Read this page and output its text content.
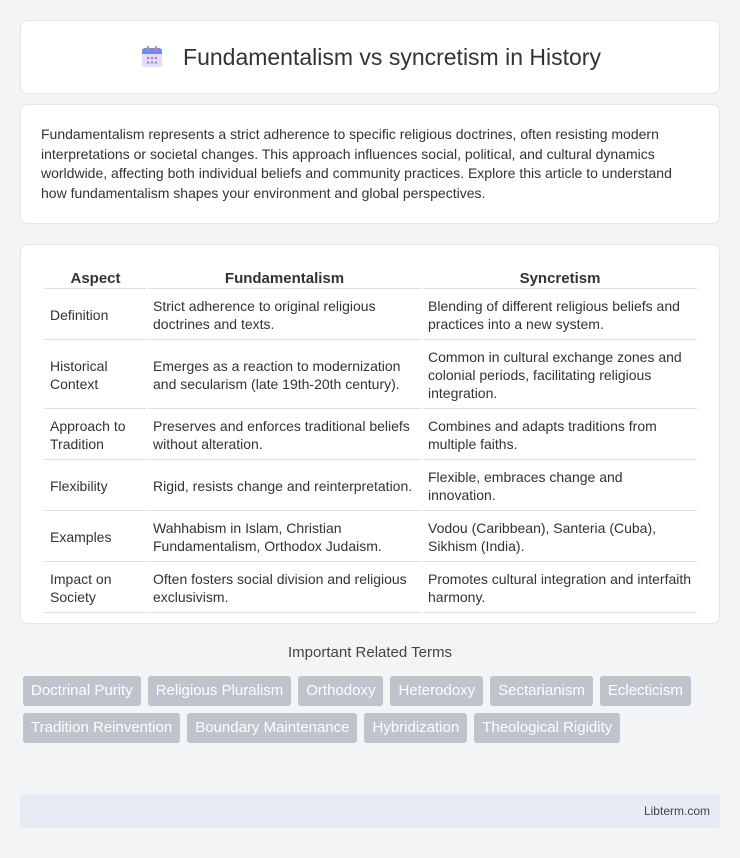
Fundamentalism vs syncretism in History

Fundamentalism represents a strict adherence to specific religious doctrines, often resisting modern interpretations or societal changes. This approach influences social, political, and cultural dynamics worldwide, affecting both individual beliefs and community practices. Explore this article to understand how fundamentalism shapes your environment and global perspectives.

Aspect	Fundamentalism	Syncretism
Definition	Strict adherence to original religious doctrines and texts.	Blending of different religious beliefs and practices into a new system.
Historical Context	Emerges as a reaction to modernization and secularism (late 19th-20th century).	Common in cultural exchange zones and colonial periods, facilitating religious integration.
Approach to Tradition	Preserves and enforces traditional beliefs without alteration.	Combines and adapts traditions from multiple faiths.
Flexibility	Rigid, resists change and reinterpretation.	Flexible, embraces change and innovation.
Examples	Wahhabism in Islam, Christian Fundamentalism, Orthodox Judaism.	Vodou (Caribbean), Santeria (Cuba), Sikhism (India).
Impact on Society	Often fosters social division and religious exclusivism.	Promotes cultural integration and interfaith harmony.
Important Related Terms
Doctrinal Purity	Religious Pluralism	Orthodoxy	Heterodoxy	Sectarianism	Eclecticism
Tradition Reinvention	Boundary Maintenance	Hybridization	Theological Rigidity
Libterm.com
